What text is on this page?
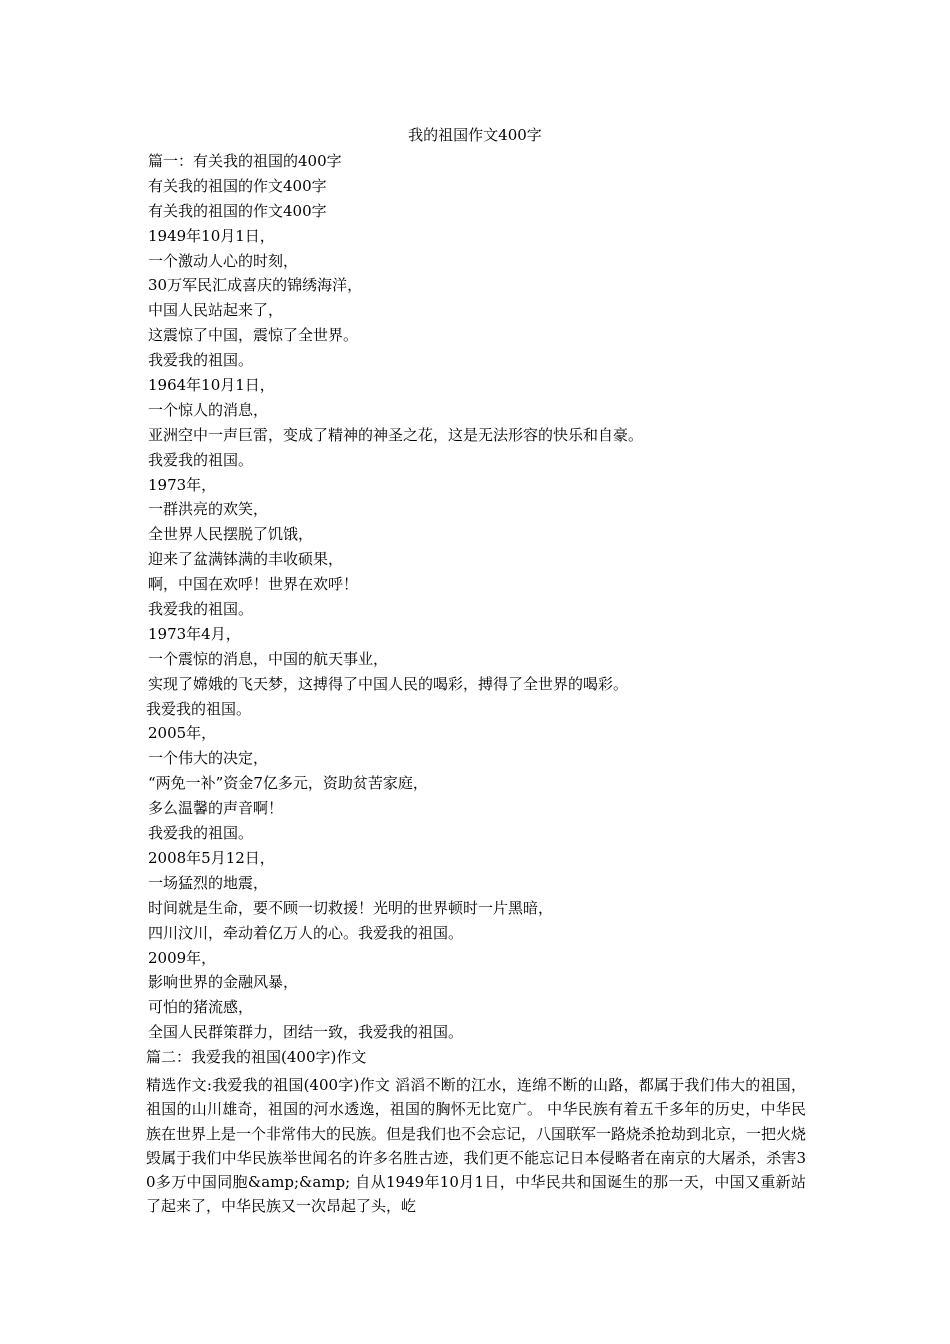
我的祖国作文400字
篇一：有关我的祖国的400字
有关我的祖国的作文400字
有关我的祖国的作文400字
1949年10月1日，
一个激动人心的时刻，
30万军民汇成喜庆的锦绣海洋，
中国人民站起来了，
这震惊了中国，震惊了全世界。
我爱我的祖国。
1964年10月1日，
一个惊人的消息，
亚洲空中一声巨雷，变成了精神的神圣之花，这是无法形容的快乐和自豪。
我爱我的祖国。
1973年，
一群洪亮的欢笑，
全世界人民摆脱了饥饿，
迎来了盆满钵满的丰收硕果，
啊，中国在欢呼！世界在欢呼！
我爱我的祖国。
1973年4月，
一个震惊的消息，中国的航天事业，
实现了嫦娥的飞天梦，这搏得了中国人民的喝彩，搏得了全世界的喝彩。
我爱我的祖国。
2005年，
一个伟大的决定，
“两免一补”资金7亿多元，资助贫苦家庭，
多么温馨的声音啊！
我爱我的祖国。
2008年5月12日，
一场猛烈的地震，
时间就是生命，要不顾一切救援！光明的世界顿时一片黑暗，
四川汶川，牵动着亿万人的心。我爱我的祖国。
2009年，
影响世界的金融风暴，
可怕的猪流感，
全国人民群策群力，团结一致，我爱我的祖国。
篇二：我爱我的祖国(400字)作文
精选作文:我爱我的祖国(400字)作文 滔滔不断的江水，连绵不断的山路，都属于我们伟大的祖国，祖国的山川雄奇，祖国的河水透逸，祖国的胸怀无比宽广。 中华民族有着五千多年的历史，中华民族在世界上是一个非常伟大的民族。但是我们也不会忘记，八国联军一路烧杀抢劫到北京，一把火烧毁属于我们中华民族举世闻名的许多名胜古迹，我们更不能忘记日本侵略者在南京的大屠杀，杀害30多万中国同胞&amp;&amp; 自从1949年10月1日，中华民共和国诞生的那一天，中国又重新站了起来了，中华民族又一次昂起了头，屹
